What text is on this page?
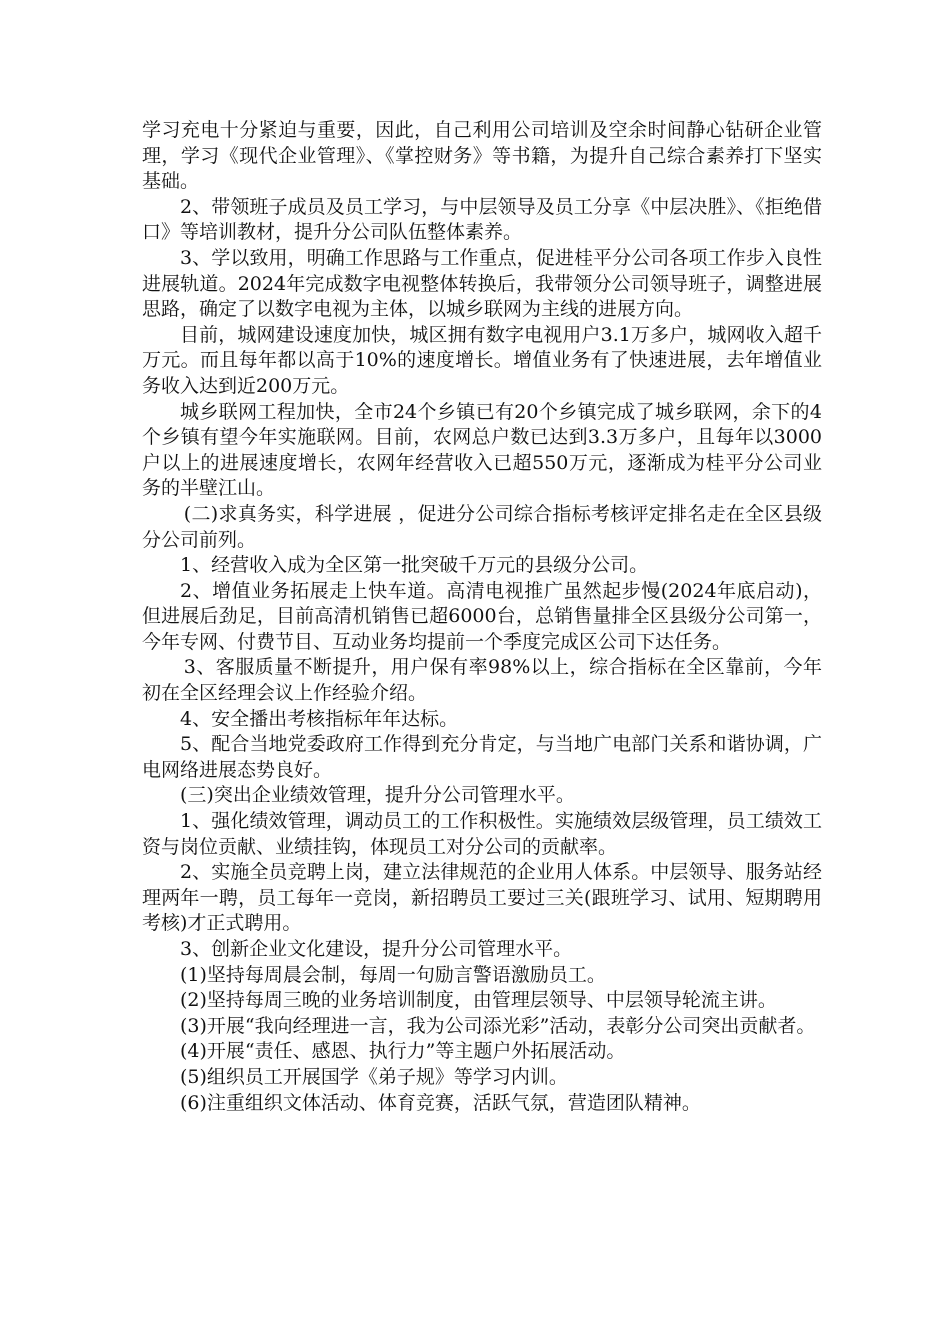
学习充电十分紧迫与重要，因此，自己利用公司培训及空余时间静心钻研企业管理，学习《现代企业管理》、《掌控财务》等书籍，为提升自己综合素养打下坚实基础。

2、带领班子成员及员工学习，与中层领导及员工分享《中层决胜》、《拒绝借口》等培训教材，提升分公司队伍整体素养。

3、学以致用，明确工作思路与工作重点，促进桂平分公司各项工作步入良性进展轨道。2024年完成数字电视整体转换后，我带领分公司领导班子，调整进展思路，确定了以数字电视为主体，以城乡联网为主线的进展方向。

目前，城网建设速度加快，城区拥有数字电视用户3.1万多户，城网收入超千万元。而且每年都以高于10%的速度增长。增值业务有了快速进展，去年增值业务收入达到近200万元。

城乡联网工程加快，全市24个乡镇已有20个乡镇完成了城乡联网，余下的4个乡镇有望今年实施联网。目前，农网总户数已达到3.3万多户，且每年以3000户以上的进展速度增长，农网年经营收入已超550万元，逐渐成为桂平分公司业务的半壁江山。

(二)求真务实，科学进展 ，促进分公司综合指标考核评定排名走在全区县级分公司前列。

1、经营收入成为全区第一批突破千万元的县级分公司。

2、增值业务拓展走上快车道。高清电视推广虽然起步慢(2024年底启动)，但进展后劲足，目前高清机销售已超6000台，总销售量排全区县级分公司第一，今年专网、付费节目、互动业务均提前一个季度完成区公司下达任务。

3、客服质量不断提升，用户保有率98%以上，综合指标在全区靠前，今年初在全区经理会议上作经验介绍。

4、安全播出考核指标年年达标。

5、配合当地党委政府工作得到充分肯定，与当地广电部门关系和谐协调，广电网络进展态势良好。

(三)突出企业绩效管理，提升分公司管理水平。

1、强化绩效管理，调动员工的工作积极性。实施绩效层级管理，员工绩效工资与岗位贡献、业绩挂钩，体现员工对分公司的贡献率。

2、实施全员竞聘上岗，建立法律规范的企业用人体系。中层领导、服务站经理两年一聘，员工每年一竞岗，新招聘员工要过三关(跟班学习、试用、短期聘用考核)才正式聘用。

3、创新企业文化建设，提升分公司管理水平。

(1)坚持每周晨会制，每周一句励言警语激励员工。

(2)坚持每周三晚的业务培训制度，由管理层领导、中层领导轮流主讲。

(3)开展“我向经理进一言，我为公司添光彩”活动，表彰分公司突出贡献者。

(4)开展“责任、感恩、执行力”等主题户外拓展活动。

(5)组织员工开展国学《弟子规》等学习内训。

(6)注重组织文体活动、体育竞赛，活跃气氛，营造团队精神。
